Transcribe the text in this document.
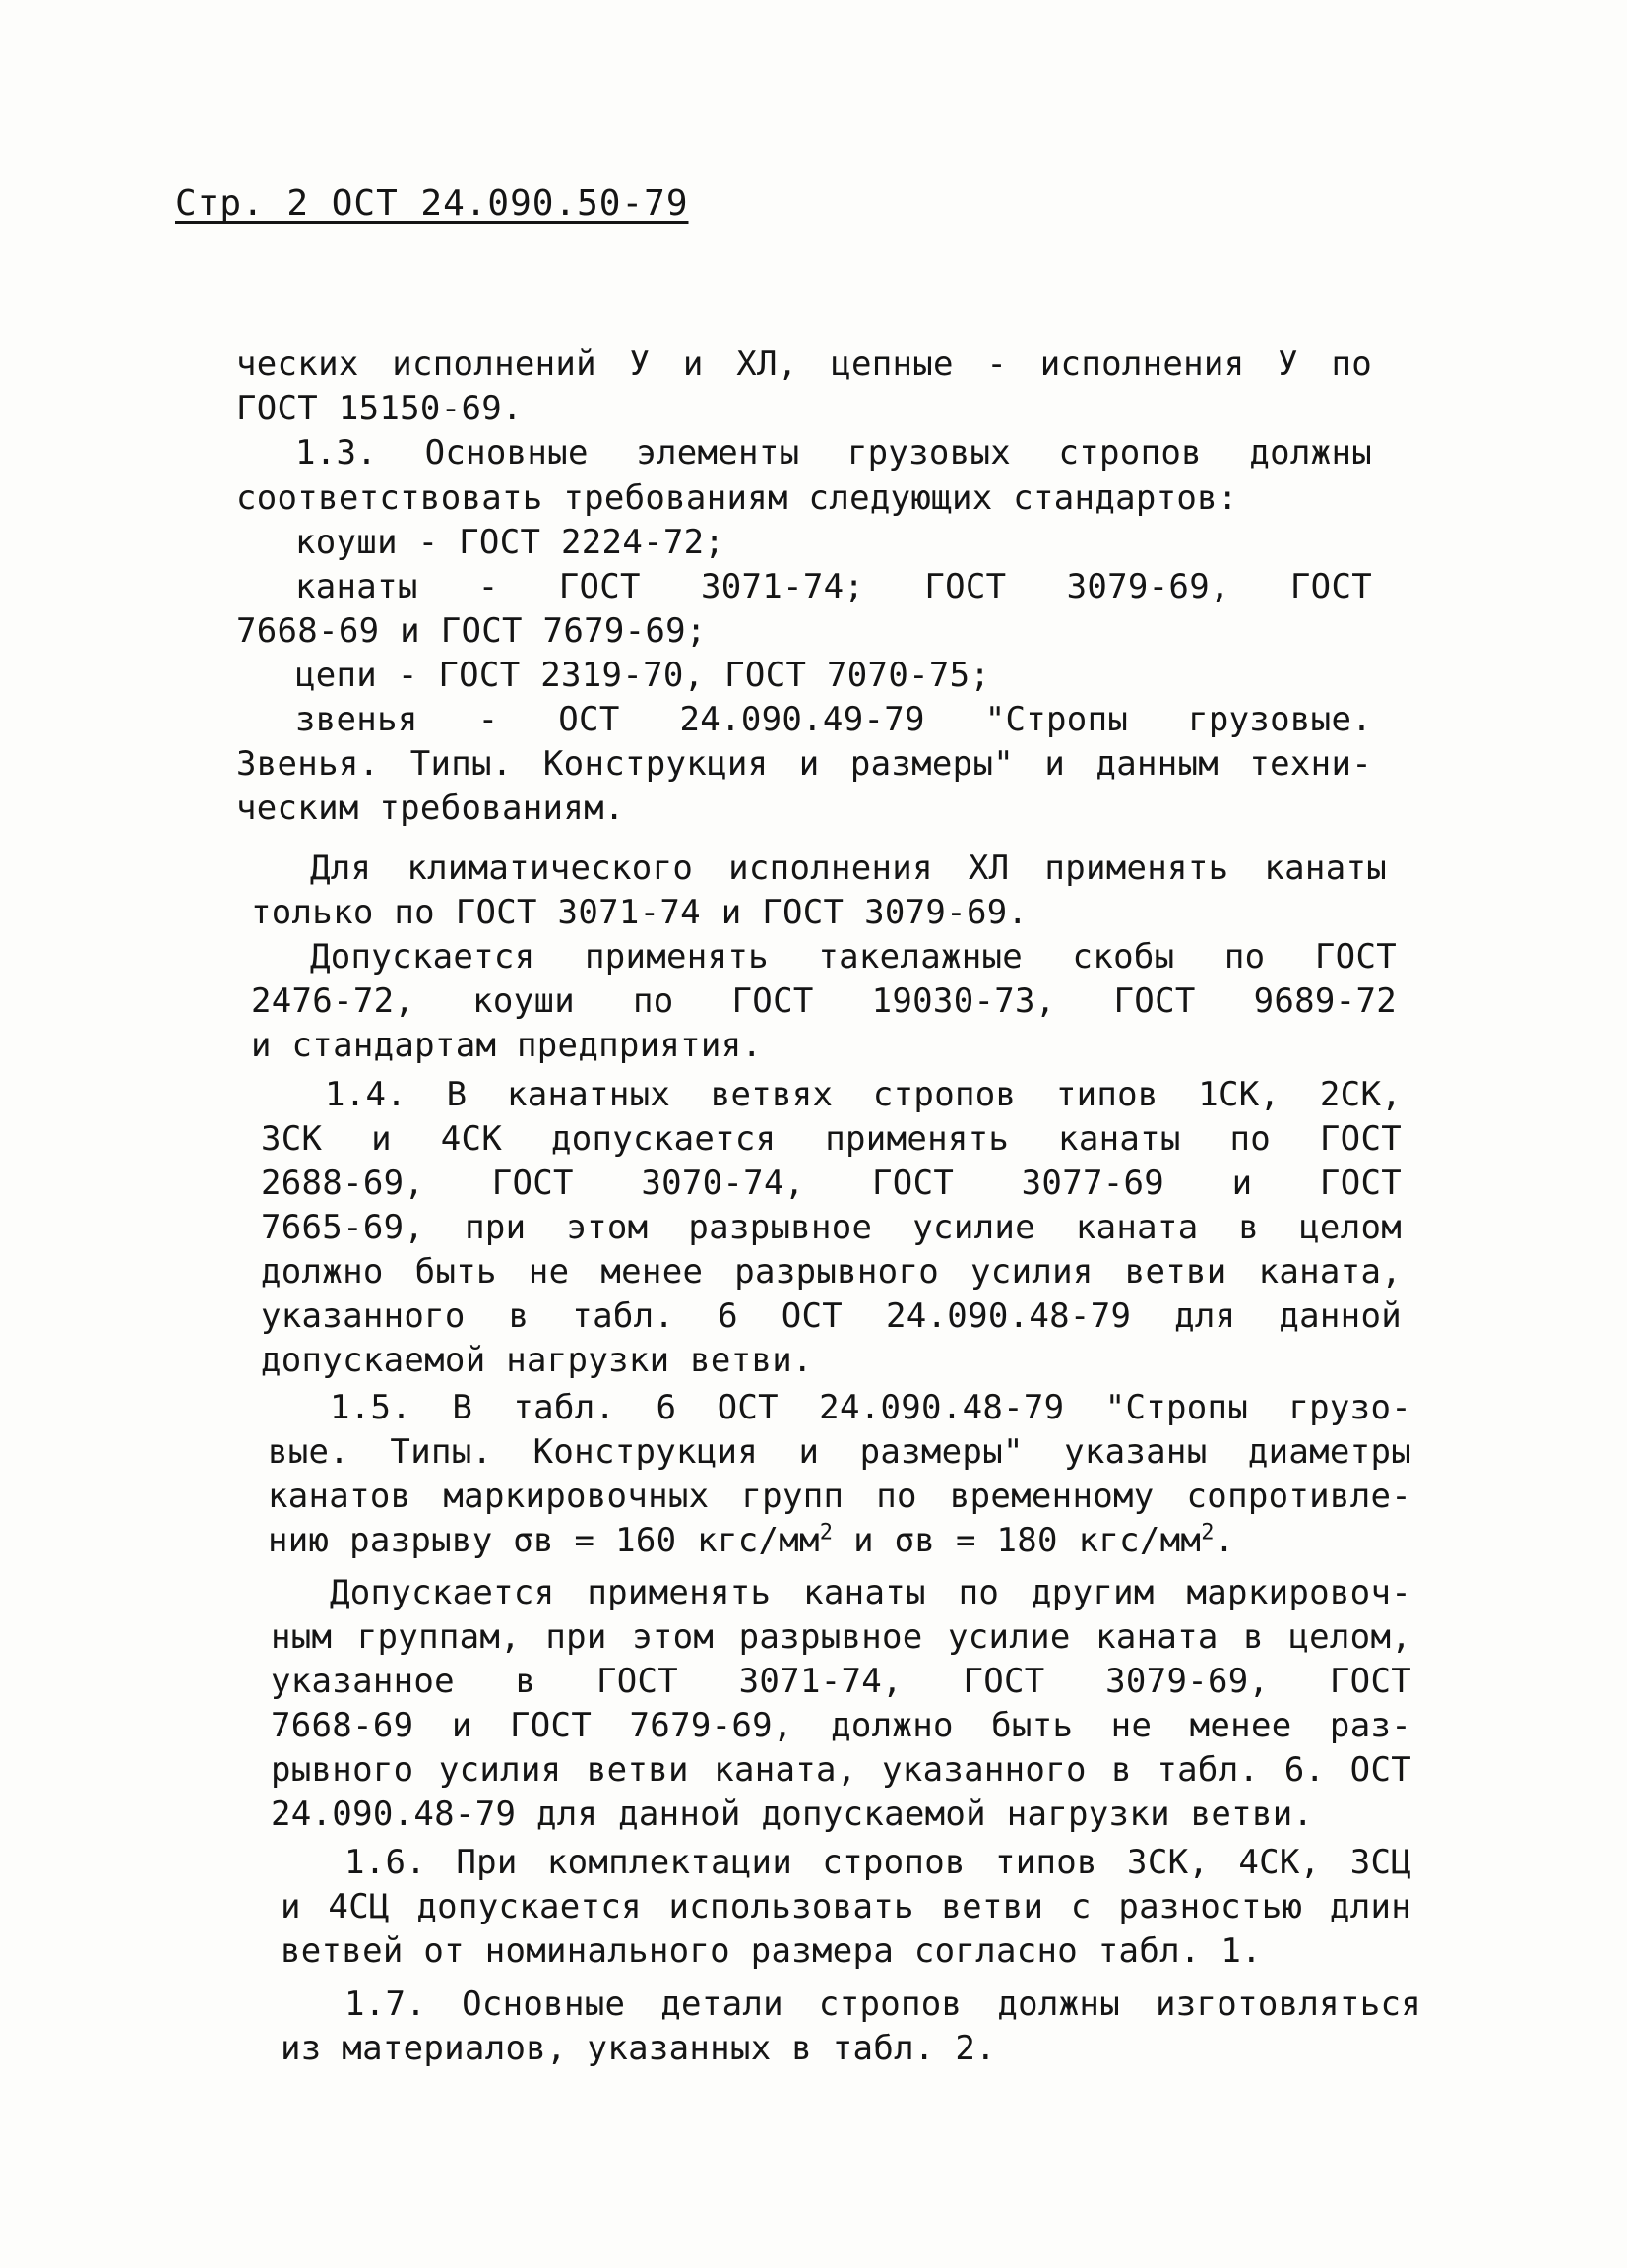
Стр. 2 ОСТ 24.090.50-79
ческих исполнений У и ХЛ, цепные - исполнения У по
ГОСТ 15150-69.
1.3. Основные элементы грузовых стропов должны
соответствовать требованиям следующих стандартов:
коуши - ГОСТ 2224-72;
канаты - ГОСТ 3071-74; ГОСТ 3079-69, ГОСТ
7668-69 и ГОСТ 7679-69;
цепи - ГОСТ 2319-70, ГОСТ 7070-75;
звенья - ОСТ 24.090.49-79 "Стропы грузовые.
Звенья. Типы. Конструкция и размеры" и данным техни-
ческим требованиям.
Для климатического исполнения ХЛ применять канаты
только по ГОСТ 3071-74 и ГОСТ 3079-69.
Допускается применять такелажные скобы по ГОСТ
2476-72, коуши по ГОСТ 19030-73, ГОСТ 9689-72
и стандартам предприятия.
1.4. В канатных ветвях стропов типов 1СК, 2СК,
3СК и 4СК допускается применять канаты по ГОСТ
2688-69, ГОСТ 3070-74, ГОСТ 3077-69 и ГОСТ
7665-69, при этом разрывное усилие каната в целом
должно быть не менее разрывного усилия ветви каната,
указанного в табл. 6 ОСТ 24.090.48-79 для данной
допускаемой нагрузки ветви.
1.5. В табл. 6 ОСТ 24.090.48-79 "Стропы грузо-
вые. Типы. Конструкция и размеры" указаны диаметры
канатов маркировочных групп по временному сопротивле-
нию разрыву σв = 160 кгс/$мм^2$ и σв = 180 кгс/$мм^2$.
Допускается применять канаты по другим маркировоч-
ным группам, при этом разрывное усилие каната в целом,
указанное в ГОСТ 3071-74, ГОСТ 3079-69, ГОСТ
7668-69 и ГОСТ 7679-69, должно быть не менее раз-
рывного усилия ветви каната, указанного в табл. 6. ОСТ
24.090.48-79 для данной допускаемой нагрузки ветви.
1.6. При комплектации стропов типов 3СК, 4СК, 3СЦ
и 4СЦ допускается использовать ветви с разностью длин
ветвей от номинального размера согласно табл. 1.
1.7. Основные детали стропов должны изготовляться
из материалов, указанных в табл. 2.
